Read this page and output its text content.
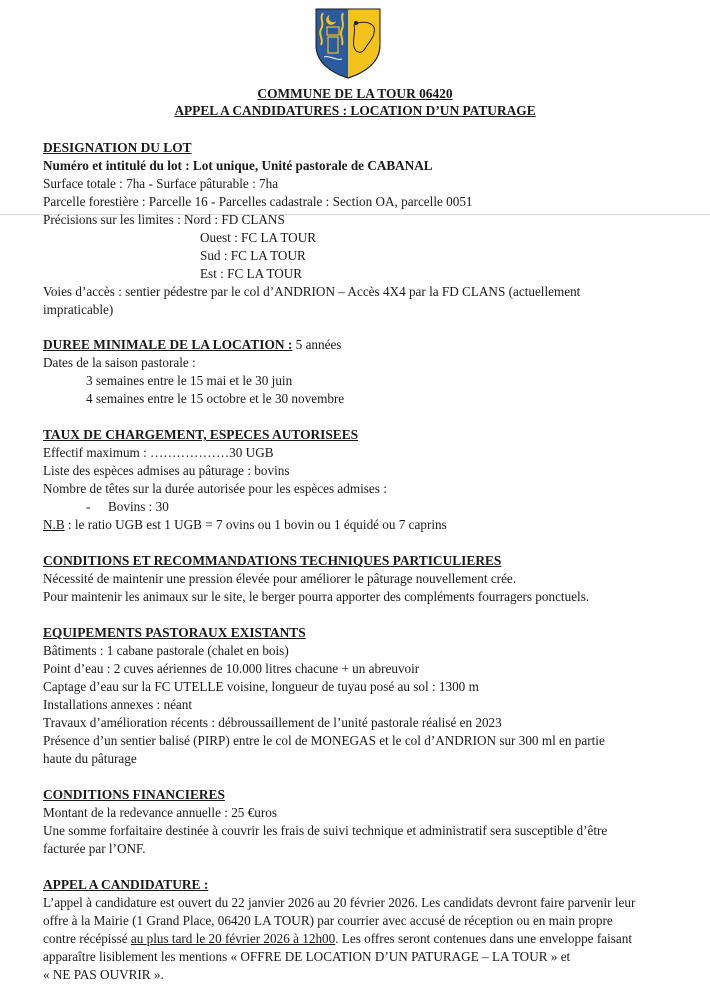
COMMUNE DE LA TOUR 06420
APPEL A CANDIDATURES : LOCATION D’UN PATURAGE
DESIGNATION DU LOT
Numéro et intitulé du lot : Lot unique, Unité pastorale de CABANAL
Surface totale : 7ha - Surface pâturable : 7ha
Parcelle forestière : Parcelle 16 - Parcelles cadastrale : Section OA, parcelle 0051
Précisions sur les limites : Nord : FD CLANS
Ouest : FC LA TOUR
Sud : FC LA TOUR
Est : FC LA TOUR
Voies d’accès : sentier pédestre par le col d’ANDRION – Accès 4X4 par la FD CLANS (actuellement
impraticable)
DUREE MINIMALE DE LA LOCATION : 5 années
Dates de la saison pastorale :
3 semaines entre le 15 mai et le 30 juin
4 semaines entre le 15 octobre et le 30 novembre
TAUX DE CHARGEMENT, ESPECES AUTORISEES
Effectif maximum : ………………30 UGB
Liste des espèces admises au pâturage : bovins
Nombre de têtes sur la durée autorisée pour les espèces admises :
- Bovins : 30
N.B : le ratio UGB est 1 UGB = 7 ovins ou 1 bovin ou 1 équidé ou 7 caprins
CONDITIONS ET RECOMMANDATIONS TECHNIQUES PARTICULIERES
Nécessité de maintenir une pression élevée pour améliorer le pâturage nouvellement crée.
Pour maintenir les animaux sur le site, le berger pourra apporter des compléments fourragers ponctuels.
EQUIPEMENTS PASTORAUX EXISTANTS
Bâtiments : 1 cabane pastorale (chalet en bois)
Point d’eau : 2 cuves aériennes de 10.000 litres chacune + un abreuvoir
Captage d’eau sur la FC UTELLE voisine, longueur de tuyau posé au sol : 1300 m
Installations annexes : néant
Travaux d’amélioration récents : débroussaillement de l’unité pastorale réalisé en 2023
Présence d’un sentier balisé (PIRP) entre le col de MONEGAS et le col d’ANDRION sur 300 ml en partie
haute du pâturage
CONDITIONS FINANCIERES
Montant de la redevance annuelle : 25 €uros
Une somme forfaitaire destinée à couvrir les frais de suivi technique et administratif sera susceptible d’être
facturée par l’ONF.
APPEL A CANDIDATURE :
L’appel à candidature est ouvert du 22 janvier 2026 au 20 février 2026. Les candidats devront faire parvenir leur
offre à la Mairie (1 Grand Place, 06420 LA TOUR) par courrier avec accusé de réception ou en main propre
contre récépissé au plus tard le 20 février 2026 à 12h00. Les offres seront contenues dans une enveloppe faisant
apparaître lisiblement les mentions « OFFRE DE LOCATION D’UN PATURAGE – LA TOUR » et
« NE PAS OUVRIR ».
